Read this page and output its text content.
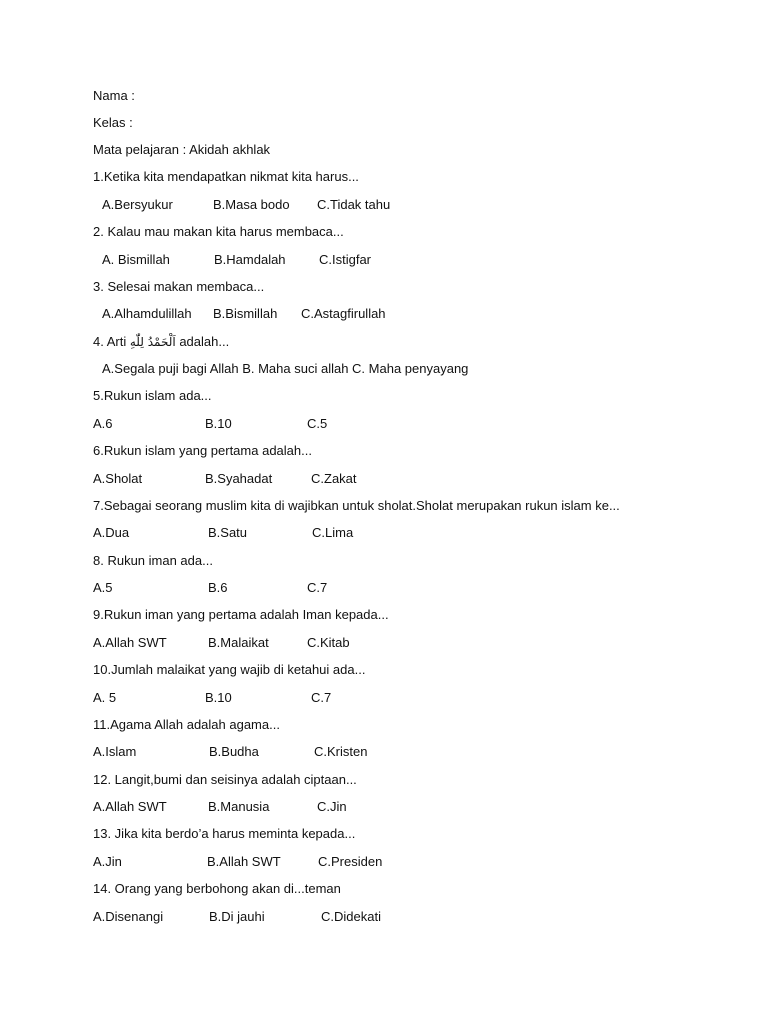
Nama :
Kelas :
Mata pelajaran : Akidah akhlak
1.Ketika kita mendapatkan nikmat kita harus...
A.Bersyukur	B.Masa bodo C.Tidak tahu
2. Kalau mau makan kita harus membaca...
A. Bismillah	B.Hamdalah	C.Istigfar
3. Selesai makan membaca...
A.Alhamdulillah B.Bismillah C.Astagfirullah
4. Arti اَلْحَمْدُ لِلّٰهِ adalah...
A.Segala puji bagi Allah B. Maha suci allah C. Maha penyayang
5.Rukun islam ada...
A.6	B.10	C.5
6.Rukun islam yang pertama adalah...
A.Sholat	B.Syahadat	C.Zakat
7.Sebagai seorang muslim kita di wajibkan untuk sholat.Sholat merupakan rukun islam ke...
A.Dua	B.Satu	C.Lima
8. Rukun iman ada...
A.5	B.6	C.7
9.Rukun iman yang pertama adalah Iman kepada...
A.Allah SWT	B.Malaikat	C.Kitab
10.Jumlah malaikat yang wajib di ketahui ada...
A. 5	B.10	C.7
11.Agama Allah adalah agama...
A.Islam	B.Budha	C.Kristen
12. Langit,bumi dan seisinya adalah ciptaan...
A.Allah SWT	B.Manusia	C.Jin
13. Jika kita berdo’a harus meminta kepada...
A.Jin	B.Allah SWT	C.Presiden
14. Orang yang berbohong akan di...teman
A.Disenangi	B.Di jauhi	C.Didekati
